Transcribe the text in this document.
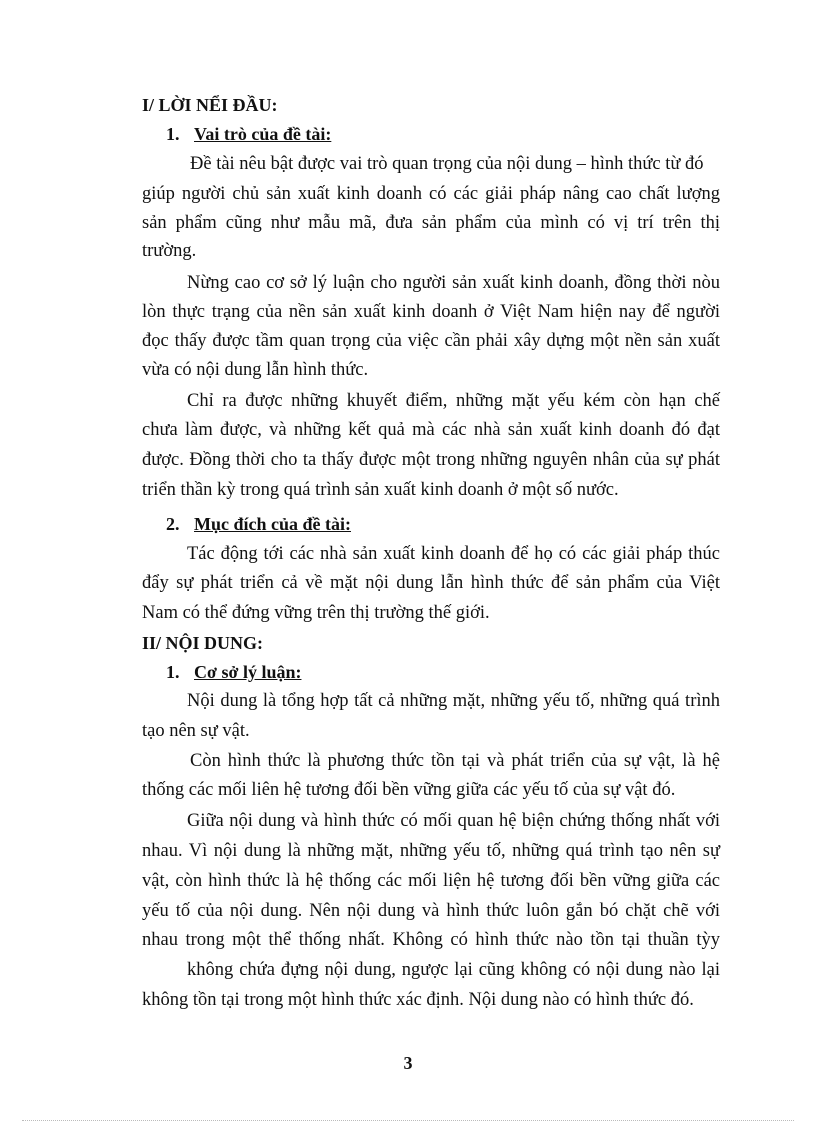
I/ LỜI NỂI ĐẦU:
1. Vai trò của đề tài:
Đề tài nêu bật được vai trò quan trọng của nội dung – hình thức từ đó
giúp người chủ sản xuất kinh doanh có các giải pháp nâng cao chất lượng
sản phẩm cũng như mẫu mã, đưa sản phẩm của mình có vị trí trên thị
trường.
Nừng cao cơ sở lý luận cho người sản xuất kinh doanh, đồng thời nòu
lòn thực trạng của nền sản xuất kinh doanh ở Việt Nam hiện nay để người
đọc thấy được tầm quan trọng của việc cần phải xây dựng một nền sản xuất
vừa có nội dung lẫn hình thức.
Chỉ ra được những khuyết điểm, những mặt yếu kém còn hạn chế
chưa làm được, và những kết quả mà các nhà sản xuất kinh doanh đó đạt
được. Đồng thời cho ta thấy được một trong những nguyên nhân của sự phát
triển thần kỳ trong quá trình sản xuất kinh doanh ở một số nước.
2. Mục đích của đề tài:
Tác động tới các nhà sản xuất kinh doanh để họ có các giải pháp thúc
đẩy sự phát triển cả về mặt nội dung lẫn hình thức để sản phẩm của Việt
Nam có thể đứng vững trên thị trường thế giới.
II/ NỘI DUNG:
1. Cơ sở lý luận:
Nội dung là tổng hợp tất cả những mặt, những yếu tố, những quá trình
tạo nên sự vật.
Còn hình thức là phương thức tồn tại và phát triển của sự vật, là hệ
thống các mối liên hệ tương đối bền vững giữa các yếu tố của sự vật đó.
Giữa nội dung và hình thức có mối quan hệ biện chứng thống nhất với
nhau. Vì nội dung là những mặt, những yếu tố, những quá trình tạo nên sự
vật, còn hình thức là hệ thống các mối liện hệ tương đối bền vững giữa các
yếu tố của nội dung. Nên nội dung và hình thức luôn gắn bó chặt chẽ với
nhau trong một thể thống nhất. Không có hình thức nào tồn tại thuần tỳy
không chứa đựng nội dung, ngược lại cũng không có nội dung nào lại
không tồn tại trong một hình thức xác định. Nội dung nào có hình thức đó.
3
